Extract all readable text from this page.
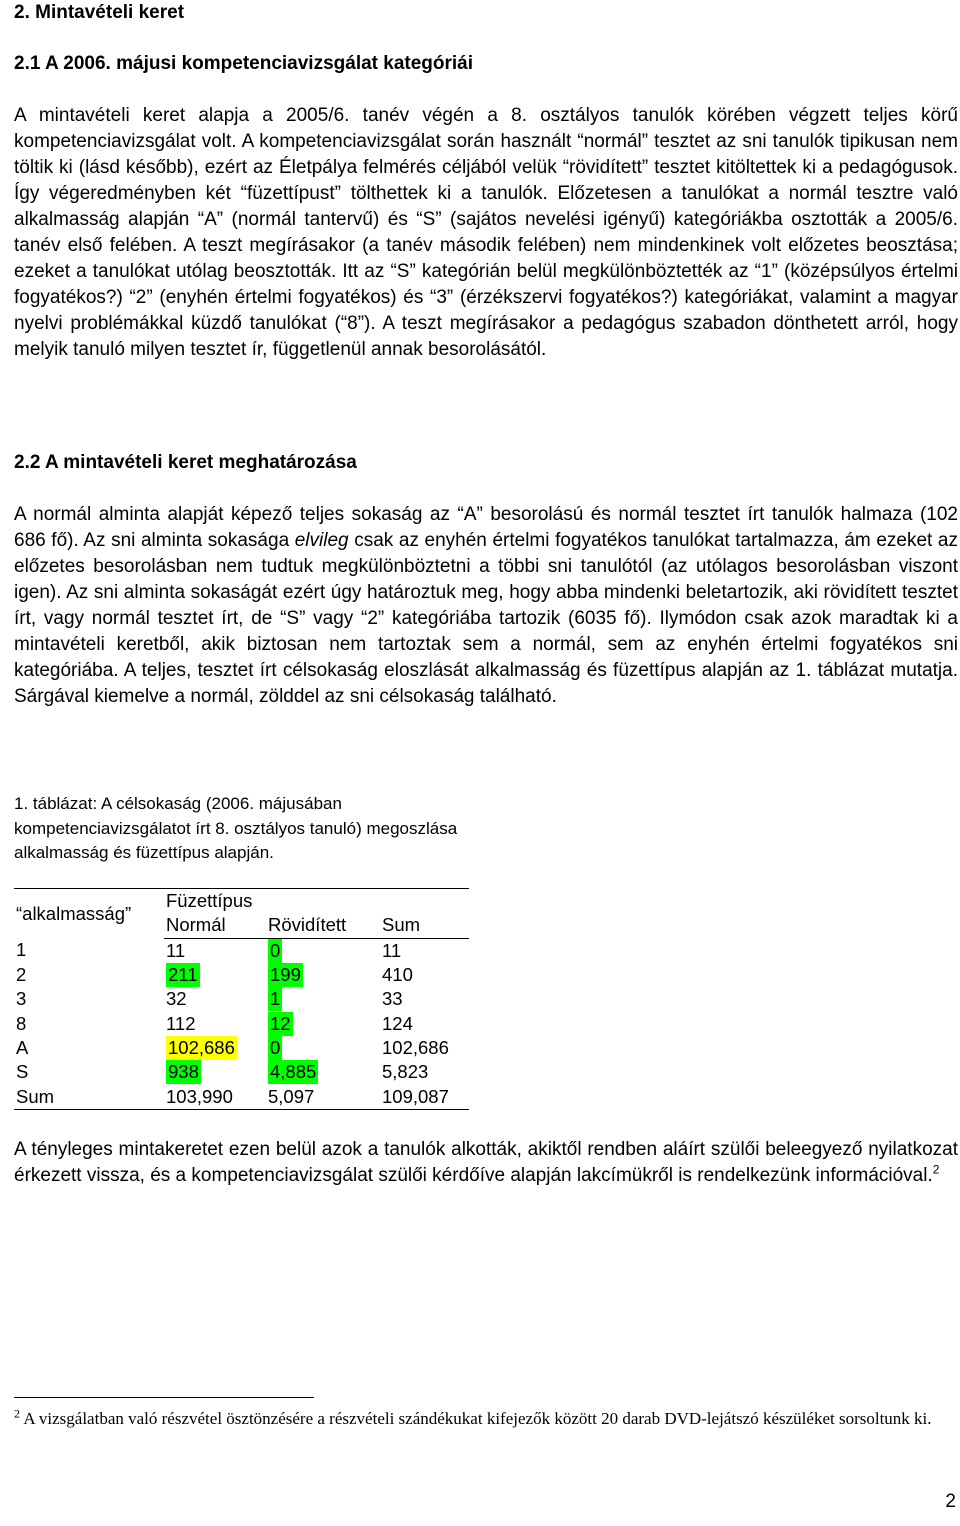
2. Mintavételi keret
2.1 A 2006. májusi kompetenciavizsgálat kategóriái

A mintavételi keret alapja a 2005/6. tanév végén a 8. osztályos tanulók körében végzett teljes körű kompetenciavizsgálat volt. A kompetenciavizsgálat során használt “normál” tesztet az sni tanulók tipikusan nem töltik ki (lásd később), ezért az Életpálya felmérés céljából velük “rövidített” tesztet kitöltettek ki a pedagógusok. Így végeredményben két “füzettípust” tölthettek ki a tanulók. Előzetesen a tanulókat a normál tesztre való alkalmasság alapján “A” (normál tantervű) és “S” (sajátos nevelési igényű) kategóriákba osztották a 2005/6. tanév első felében. A teszt megírásakor (a tanév második felében) nem mindenkinek volt előzetes beosztása; ezeket a tanulókat utólag beosztották. Itt az “S” kategórián belül megkülönböztették az “1” (középsúlyos értelmi fogyatékos?) “2” (enyhén értelmi fogyatékos) és “3” (érzékszervi fogyatékos?) kategóriákat, valamint a magyar nyelvi problémákkal küzdő tanulókat (“8”). A teszt megírásakor a pedagógus szabadon dönthetett arról, hogy melyik tanuló milyen tesztet ír, függetlenül annak besorolásától.

2.2 A mintavételi keret meghatározása

A normál alminta alapját képező teljes sokaság az “A” besorolású és normál tesztet írt tanulók halmaza (102 686 fő). Az sni alminta sokasága elvileg csak az enyhén értelmi fogyatékos tanulókat tartalmazza, ám ezeket az előzetes besorolásban nem tudtuk megkülönböztetni a többi sni tanulótól (az utólagos besorolásban viszont igen). Az sni alminta sokaságát ezért úgy határoztuk meg, hogy abba mindenki beletartozik, aki rövidített tesztet írt, vagy normál tesztet írt, de “S” vagy “2” kategóriába tartozik (6035 fő). Ilymódon csak azok maradtak ki a mintavételi keretből, akik biztosan nem tartoztak sem a normál, sem az enyhén értelmi fogyatékos sni kategóriába. A teljes, tesztet írt célsokaság eloszlását alkalmasság és füzettípus alapján az 1. táblázat mutatja. Sárgával kiemelve a normál, zölddel az sni célsokaság található.

1. táblázat: A célsokaság (2006. májusában kompetenciavizsgálatot írt 8. osztályos tanuló) megoszlása alkalmasság és füzettípus alapján.

“alkalmasság”	Füzettípus		
	Normál	Rövidített	Sum
1	11	0	11
2	211	199	410
3	32	1	33
8	112	12	124
A	102,686	0	102,686
S	938	4,885	5,823
Sum	103,990	5,097	109,087

A tényleges mintakeretet ezen belül azok a tanulók alkották, akiktől rendben aláírt szülői beleegyező nyilatkozat érkezett vissza, és a kompetenciavizsgálat szülői kérdőíve alapján lakcímükről is rendelkezünk információval.$^2$

$^2$ A vizsgálatban való részvétel ösztönzésére a részvételi szándékukat kifejezők között 20 darab DVD-lejátszó készüléket sorsoltunk ki.

2
